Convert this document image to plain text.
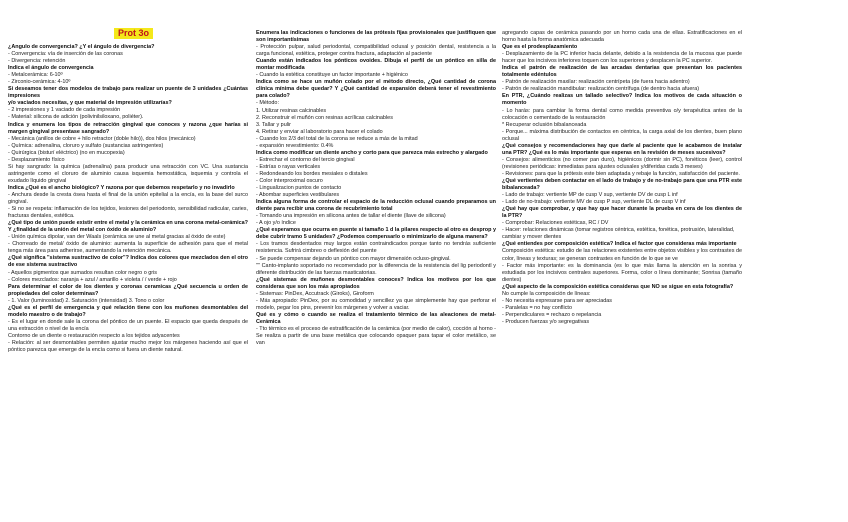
Prot 3o

¿Ángulo de convergencia? ¿Y el ángulo de divergencia?

- Convergencia: vía de inserción de las coronas

- Divergencia: retención

Indica el ángulo de convergencia

- Metalcerámica: 6-10º

- Zirconio-cerámica: 4-10º

Si deseamos tener dos modelos de trabajo para realizar un puente de 3 unidades ¿Cuántas impresiones

y/o vaciados necesitas, y que material de impresión utilizarías?

- 2 impresiones y 1 vaciado de cada impresión

- Material: silicona de adición (polivinilsiloxano, poliéter).

Indica y enumera los tipos de retracción gingival que conoces y razona ¿que harías si margen gingival presentase sangrado?

- Mecánica (anillos de cobre + hilo retractor (doble hilo)), dos hilos (mecánico)

- Química: adrenalina, cloruro y sulfato (sustancias astringentes)

- Quirúrgica (bisturí eléctrico) (no en mucopexia)

- Desplazamiento físico

Si hay sangrado: la química (adrenalina) para producir una retracción con VC. Una sustancia astringente como el cloruro de aluminio causa isquemia hemostática, isquemia y controla el exudado líquido gingival

Indica ¿Qué es el ancho biológico? Y razona por que debemos respetarlo y no invadirlo

- Anchura desde la cresta ósea hasta el final de la unión epitelial a la encía, es la base del surco gingival.

- Si no se respeta: inflamación de los tejidos, lesiones del periodonto, sensibilidad radicular, caries, fracturas dentales, estética.

¿Qué tipo de unión puede existir entre el metal y la cerámica en una corona metal-cerámica? Y ¿finalidad de la unión del metal con óxido de aluminio?

- Unión química dipolar, van der Waals (cerámica se une al metal gracias al óxido de este)

- Chorreado de metal/ óxido de aluminio: aumenta la superficie de adhesión para que el metal tenga más área para adherirse, aumentando la retención mecánica.

¿Qué significa "sistema sustractivo de color"? Indica dos colores que mezclados den el otro de ese sistema sustractivo

- Aquellos pigmentos que sumados resultan color negro o gris

- Colores mezclados: naranja + azul / amarillo + violeta / / verde + rojo

Para determinar el color de los dientes y coronas ceramicas ¿Qué secuencia u orden de propiedades del color determinas?

- 1. Valor (luminosidad) 2. Saturación (intensidad) 3. Tono o color

¿Qué es el perfil de emergencia y qué relación tiene con los muñones desmontables del modelo maestro o de trabajo?

- Es el lugar en donde sale la corona del póntico de un puente. El espacio que queda después de una extracción o nivel de la encía

Contorno de un diente o restauración respecto a los tejidos adyacentes

- Relación: al ser desmontables permiten ajustar mucho mejor los márgenes haciendo así que el póntico parezca que emerge de la encía como si fuera un diente natural.

Enumera las indicaciones o funciones de las prótesis fijas provisionales que justifiquen que son importantísimas

- Protección pulpar, salud periodontal, compatibilidad oclusal y posición dental, resistencia a la carga funcional, estética, proteger contra fractura, adaptación al paciente

Cuando están indicados los pónticos ovoides. Dibuja el perfil de un póntico en silla de montar modificada

- Cuando la estética constituye un factor importante + higiénico

Indica como se hace un muñón colado por el método directo, ¿Qué cantidad de corona clínica mínima debe quedar? Y ¿Qué cantidad de expansión deberá tener el revestimiento para colado?

- Método:

1. Utilizar resinas calcinables

2. Reconstruir el muñón con resinas acrílicas calcinables

3. Tallar y pulir

4. Retirar y enviar al laboratorio para hacer el colado

- Cuando los 2/3 del total de la corona se reduce a más de la mitad

- expansión revestimiento: 0.4%

Indica como modificar un diente ancho y corto para que parezca más estrecho y alargado

- Estrechar el contorno del tercio gingival

- Estrías o rayas verticales

- Redondeando los bordes mesiales o distales

- Color interproximal oscuro

- Lingualizacion puntos de contacto

- Abombar superficies vestibulares

Indica alguna forma de controlar el espacio de la reducción oclusal cuando preparamos un diente para recibir una corona de recubrimiento total

- Tomando una impresión en silicona antes de tallar el diente (llave de silicona)

- A ojo y/o índice

¿Qué esperamos que ocurra en puente si tamaño 1 d la pilares respecto al otro es desprop y debe cubrir tramo 5 unidades? ¿Podemos compensarlo o minimizarlo de alguna manera?

- Los tramos desdentados muy largos están contraindicados porque tanto no tendrás suficiente resistencia. Sufrirá cimbreo o deflexión del puente

- Se puede compensar dejando un póntico con mayor dimensión ocluso-gingival.

"" Canto-implanto soportado no recomendado por la diferencia de la resistencia del lig periodontl y diferente distribución de las fuerzas masticatorias.

¿Qué sistemas de muñones desmontables conoces? Indica los motivos por los que consideras que son los más apropiados

- Sistemas: PinDex, Accutrack (Giroks), Giroform

- Más apropiado: PinDex, por su comodidad y sencillez ya que simplemente hay que perforar el modelo, pegar los pins, prevenir los márgenes y volver a vaciar.

Qué es y cómo o cuando se realiza el tratamiento térmico de las aleaciones de metal-Cerámica

- Tto térmico es el proceso de estratificación de la cerámica (por medio de calor), cocción al horno - Se realiza a partir de una base metálica que colocando opaquer para tapar el color metálico, se van

agregando capas de cerámica pasando por un horno cada una de ellas. Estratificaciones en el horno hasta la forma anatómica adecuada

Que es el prodesplazamiento

- Desplazamiento de la PC inferior hacia delante, debido a la resistencia de la mucosa que puede hacer que los incisivos inferiores toquen con los superiores y desplacen la PC superior.

Indica el patrón de realización de las arcadas dentarias que presentan los pacientes totalmente edéntulos

- Patrón de realización maxilar: realización centrípeta (de fuera hacia adentro)

- Patrón de realización mandibular: realización centrífuga (de dentro hacia afuera)

En PTR, ¿Cuándo realizas un tallado selectivo? Indica los motivos de cada situación o momento

- Lo harás: para cambiar la forma dental como medida preventiva o/y terapéutica antes de la colocación o cementado de la restauración

* Recuperar oclusión bibalanceada

- Porque... máxima distribución de contactos en céntrica, la carga axial de los dientes, buen plano oclusal

¿Qué consejos y recomendaciones hay que darle al paciente que le acabamos de instalar una PTR? ¿Qué es lo más importante que esperas en la revisión de meses sucesivos?

- Consejos: alimenticios (no comer pan duro), higiénicos (dormir sin PC), fonéticos (leer), control (revisiones periódicas: inmediatas para ajustes oclusales y/diferidas cada 3 meses)

- Revisiones: para que la prótesis este bien adaptada y rebaje la función, satisfacción del paciente.

¿Qué vertientes deben contactar en el lado de trabajo y de no-trabajo para que una PTR este bibalanceada?

- Lado de trabajo: vertiente MP de cusp V sup, vertiente DV de cusp L inf

- Lado de no-trabajo: vertiente MV de cusp P sup, vertiente DL de cusp V inf

¿Qué hay que comprobar, y que hay que hacer durante la prueba en cera de los dientes de la PTR?

- Comprobar: Relaciones estéticas, RC / DV

- Hacer: relaciones dinámicas (tomar registros céntrica, estética, fonética, protrusión, lateralidad,

cambiar y mover dientes

¿Qué entiendes por composición estética? Indica el factor que consideras más importante

Composición estética: estudio de las relaciones existentes entre objetos visibles y los contrastes de color, líneas y texturas; se generan contrastes en función de lo que se ve

- Factor más importante: es la dominancia (es lo que más llama la atención en la sonrisa y estudiada por los incisivos centrales superiores. Forma, color o línea dominante; Sonrisa (tamaño dientes)

¿Qué aspecto de la composición estética consideras que NO se sigue en esta fotografía?

No cumple la composición de líneas:

- No necesita expresarse para ser apreciadas

- Paralelas = no hay conflicto

- Perpendiculares = rechazo o repelancia

- Producen fuerzas y/o segregativas
